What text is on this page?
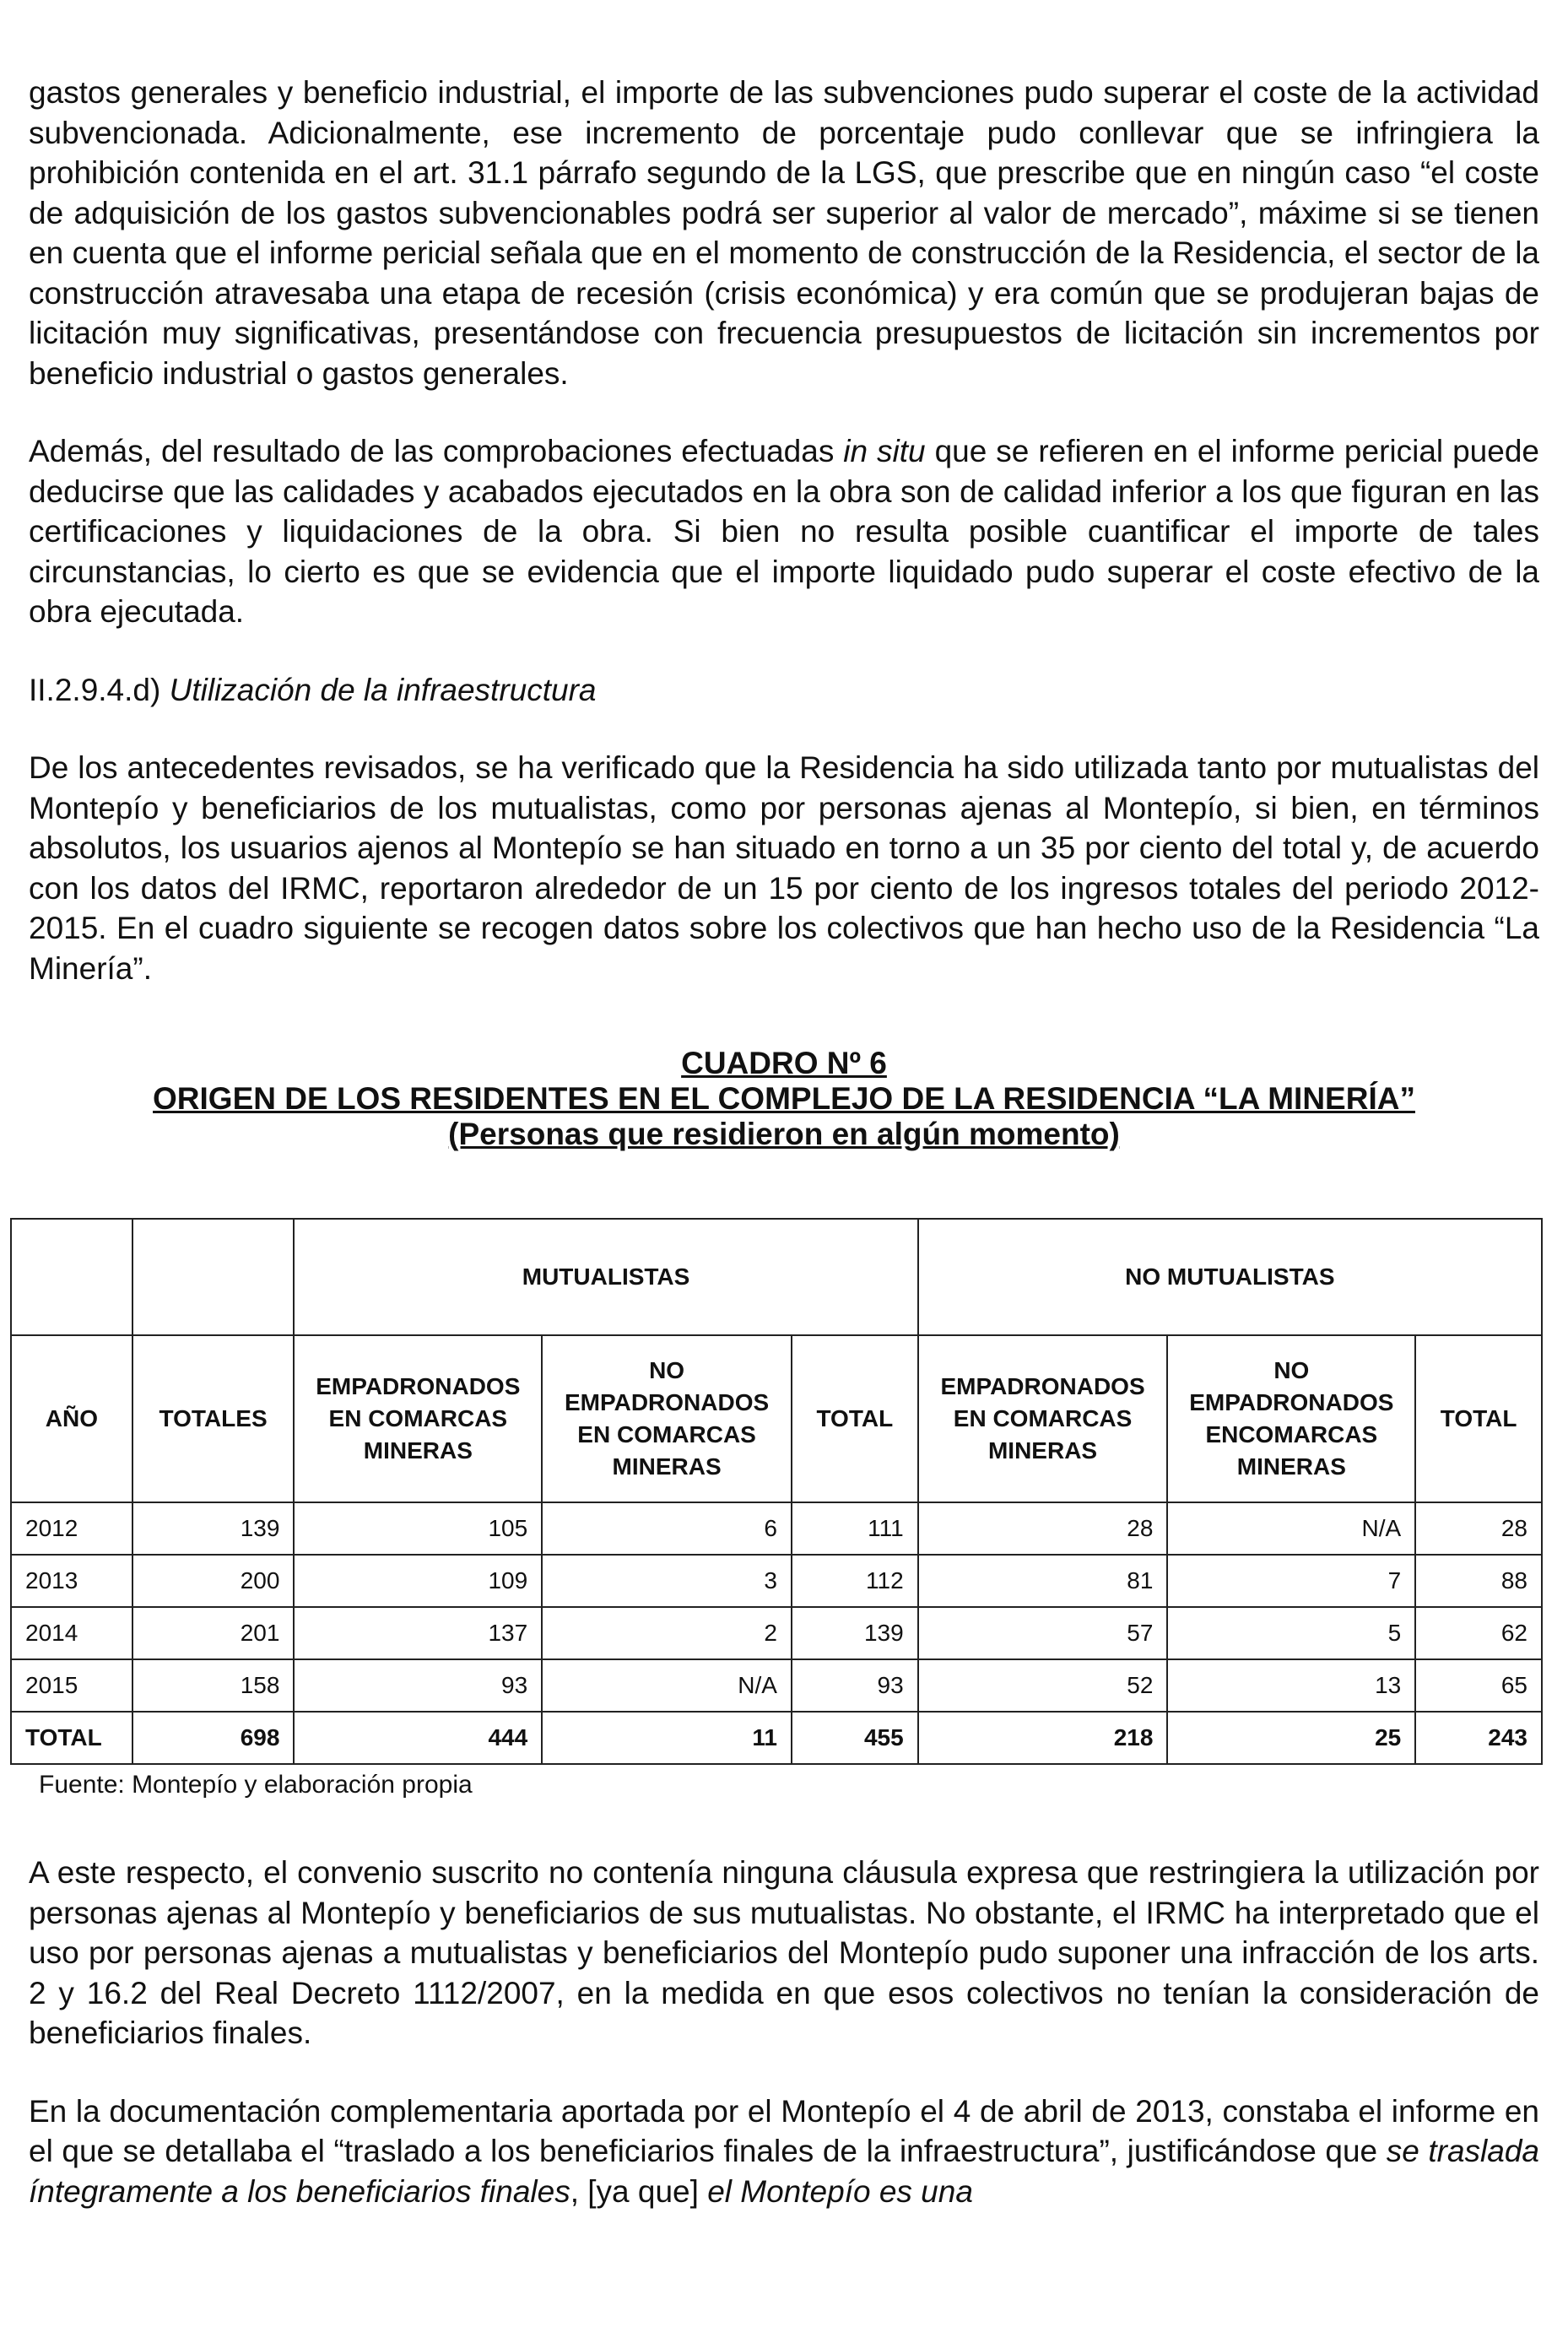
gastos generales y beneficio industrial, el importe de las subvenciones pudo superar el coste de la actividad subvencionada. Adicionalmente, ese incremento de porcentaje pudo conllevar que se infringiera la prohibición contenida en el art. 31.1 párrafo segundo de la LGS, que prescribe que en ningún caso “el coste de adquisición de los gastos subvencionables podrá ser superior al valor de mercado”, máxime si se tienen en cuenta que el informe pericial señala que en el momento de construcción de la Residencia, el sector de la construcción atravesaba una etapa de recesión (crisis económica) y era común que se produjeran bajas de licitación muy significativas, presentándose con frecuencia presupuestos de licitación sin incrementos por beneficio industrial o gastos generales.

Además, del resultado de las comprobaciones efectuadas in situ que se refieren en el informe pericial puede deducirse que las calidades y acabados ejecutados en la obra son de calidad inferior a los que figuran en las certificaciones y liquidaciones de la obra. Si bien no resulta posible cuantificar el importe de tales circunstancias, lo cierto es que se evidencia que el importe liquidado pudo superar el coste efectivo de la obra ejecutada.

II.2.9.4.d) Utilización de la infraestructura

De los antecedentes revisados, se ha verificado que la Residencia ha sido utilizada tanto por mutualistas del Montepío y beneficiarios de los mutualistas, como por personas ajenas al Montepío, si bien, en términos absolutos, los usuarios ajenos al Montepío se han situado en torno a un 35 por ciento del total y, de acuerdo con los datos del IRMC, reportaron alrededor de un 15 por ciento de los ingresos totales del periodo 2012-2015. En el cuadro siguiente se recogen datos sobre los colectivos que han hecho uso de la Residencia “La Minería”.

CUADRO Nº 6
ORIGEN DE LOS RESIDENTES EN EL COMPLEJO DE LA RESIDENCIA “LA MINERÍA”
(Personas que residieron en algún momento)
		MUTUALISTAS			NO MUTUALISTAS		
AÑO	TOTALES	EMPADRONADOS EN COMARCAS MINERAS	NO EMPADRONADOS EN COMARCAS MINERAS	TOTAL	EMPADRONADOS EN COMARCAS MINERAS	NO EMPADRONADOS ENCOMARCAS MINERAS	TOTAL
2012	139	105	6	111	28	N/A	28
2013	200	109	3	112	81	7	88
2014	201	137	2	139	57	5	62
2015	158	93	N/A	93	52	13	65
TOTAL	698	444	11	455	218	25	243
Fuente: Montepío y elaboración propia

A este respecto, el convenio suscrito no contenía ninguna cláusula expresa que restringiera la utilización por personas ajenas al Montepío y beneficiarios de sus mutualistas. No obstante, el IRMC ha interpretado que el uso por personas ajenas a mutualistas y beneficiarios del Montepío pudo suponer una infracción de los arts. 2 y 16.2 del Real Decreto 1112/2007, en la medida en que esos colectivos no tenían la consideración de beneficiarios finales.

En la documentación complementaria aportada por el Montepío el 4 de abril de 2013, constaba el informe en el que se detallaba el “traslado a los beneficiarios finales de la infraestructura”, justificándose que se traslada íntegramente a los beneficiarios finales, [ya que] el Montepío es una
